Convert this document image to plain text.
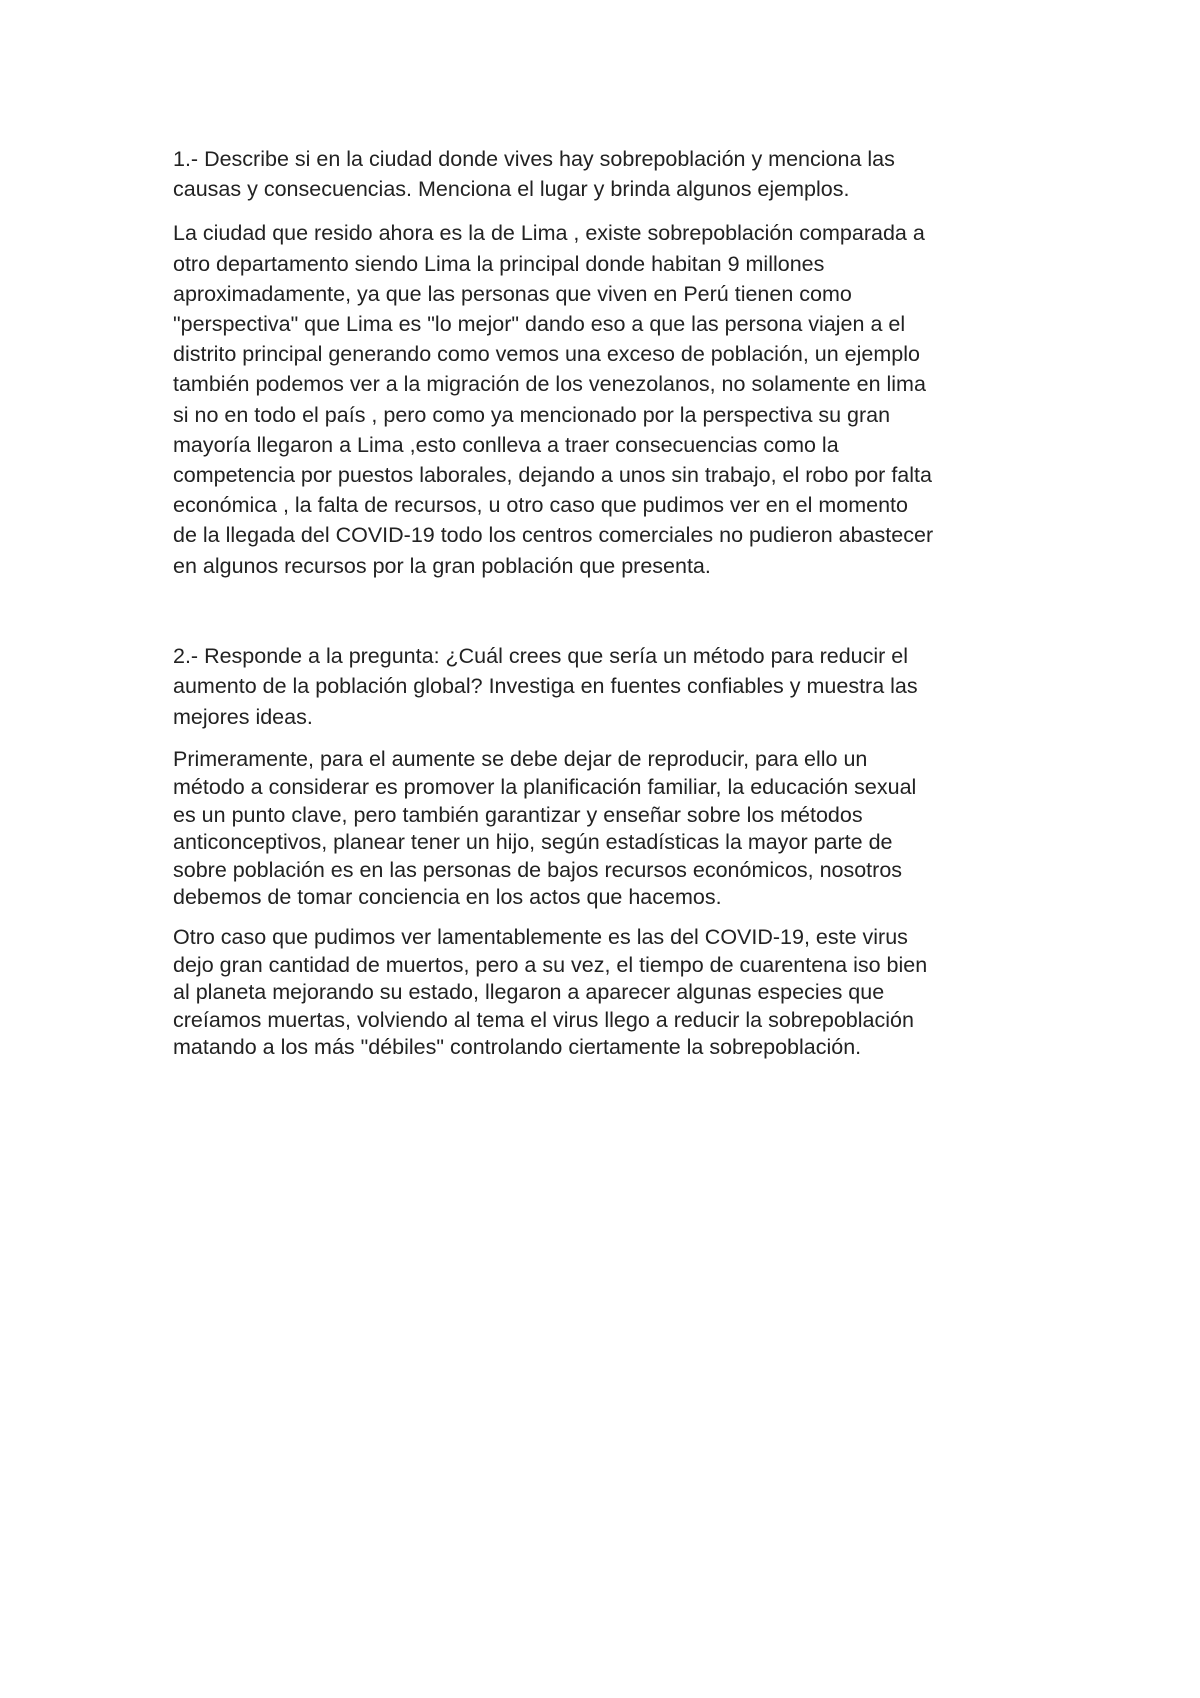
1.- Describe si en la ciudad donde vives hay sobrepoblación y menciona las
causas y consecuencias. Menciona el lugar y brinda algunos ejemplos.

La ciudad que resido ahora es la de Lima , existe sobrepoblación comparada a
otro departamento siendo Lima la principal donde habitan 9 millones
aproximadamente, ya que las personas que viven en Perú tienen como
"perspectiva" que Lima es "lo mejor" dando eso a que las persona viajen a el
distrito principal generando como vemos una exceso de población, un ejemplo
también podemos ver a la migración de los venezolanos, no solamente en lima
si no en todo el país , pero como ya mencionado por la perspectiva su gran
mayoría llegaron a Lima ,esto conlleva a traer consecuencias como la
competencia por puestos laborales, dejando a unos sin trabajo, el robo por falta
económica , la falta de recursos, u otro caso que pudimos ver en el momento
de la llegada del COVID-19 todo los centros comerciales no pudieron abastecer
en algunos recursos por la gran población que presenta.

2.- Responde a la pregunta: ¿Cuál crees que sería un método para reducir el
aumento de la población global? Investiga en fuentes confiables y muestra las
mejores ideas.

Primeramente, para el aumente se debe dejar de reproducir, para ello un
método a considerar es promover la planificación familiar, la educación sexual
es un punto clave, pero también garantizar y enseñar sobre los métodos
anticonceptivos, planear tener un hijo, según estadísticas la mayor parte de
sobre población es en las personas de bajos recursos económicos, nosotros
debemos de tomar conciencia en los actos que hacemos.

Otro caso que pudimos ver lamentablemente es las del COVID-19, este virus
dejo gran cantidad de muertos, pero a su vez, el tiempo de cuarentena iso bien
al planeta mejorando su estado, llegaron a aparecer algunas especies que
creíamos muertas, volviendo al tema el virus llego a reducir la sobrepoblación
matando a los más "débiles" controlando ciertamente la sobrepoblación.
